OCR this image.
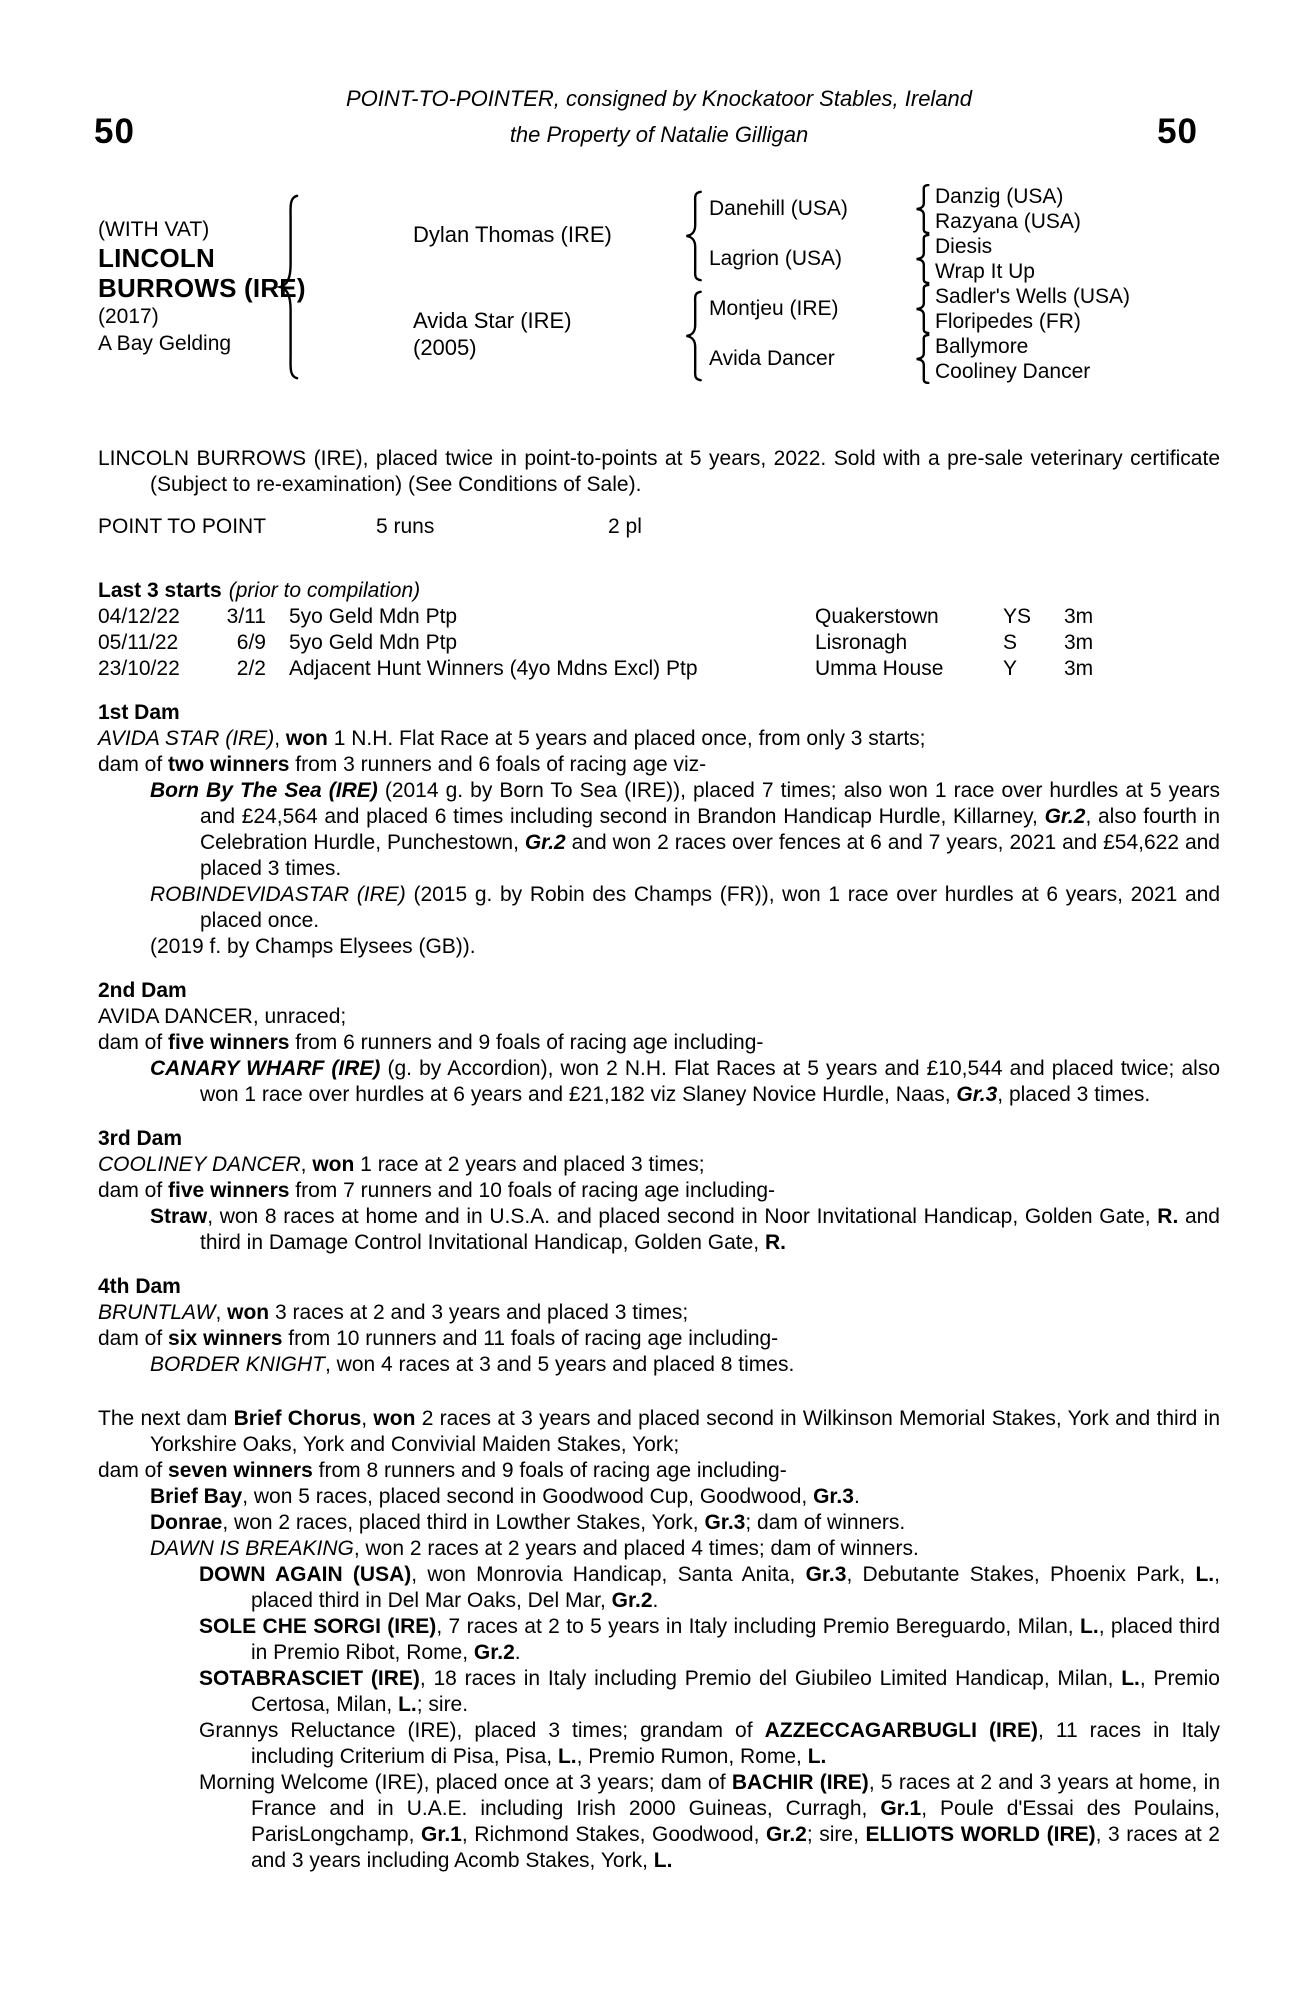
POINT-TO-POINTER, consigned by Knockatoor Stables, Ireland
50	the Property of Natalie Gilligan	50
(WITH VAT)
LINCOLN
BURROWS (IRE)
(2017)
A Bay Gelding
Dylan Thomas (IRE)
Avida Star (IRE)
(2005)
Danehill (USA)
Lagrion (USA)
Montjeu (IRE)
Avida Dancer
Danzig (USA)
Razyana (USA)
Diesis
Wrap It Up
Sadler's Wells (USA)
Floripedes (FR)
Ballymore
Cooliney Dancer

LINCOLN BURROWS (IRE), placed twice in point-to-points at 5 years, 2022. Sold with a pre-sale veterinary certificate (Subject to re-examination) (See Conditions of Sale).

POINT TO POINT	5 runs	2 pl
Last 3 starts (prior to compilation)
04/12/22	3/11	5yo Geld Mdn Ptp	Quakerstown	YS	3m
05/11/22	6/9	5yo Geld Mdn Ptp	Lisronagh	S	3m
23/10/22	2/2	Adjacent Hunt Winners (4yo Mdns Excl) Ptp	Umma House	Y	3m
1st Dam

AVIDA STAR (IRE), won 1 N.H. Flat Race at 5 years and placed once, from only 3 starts;

dam of two winners from 3 runners and 6 foals of racing age viz-

Born By The Sea (IRE) (2014 g. by Born To Sea (IRE)), placed 7 times; also won 1 race over hurdles at 5 years and £24,564 and placed 6 times including second in Brandon Handicap Hurdle, Killarney, Gr.2, also fourth in Celebration Hurdle, Punchestown, Gr.2 and won 2 races over fences at 6 and 7 years, 2021 and £54,622 and placed 3 times.

ROBINDEVIDASTAR (IRE) (2015 g. by Robin des Champs (FR)), won 1 race over hurdles at 6 years, 2021 and placed once.

(2019 f. by Champs Elysees (GB)).

2nd Dam

AVIDA DANCER, unraced;

dam of five winners from 6 runners and 9 foals of racing age including-

CANARY WHARF (IRE) (g. by Accordion), won 2 N.H. Flat Races at 5 years and £10,544 and placed twice; also won 1 race over hurdles at 6 years and £21,182 viz Slaney Novice Hurdle, Naas, Gr.3, placed 3 times.

3rd Dam

COOLINEY DANCER, won 1 race at 2 years and placed 3 times;

dam of five winners from 7 runners and 10 foals of racing age including-

Straw, won 8 races at home and in U.S.A. and placed second in Noor Invitational Handicap, Golden Gate, R. and third in Damage Control Invitational Handicap, Golden Gate, R.

4th Dam

BRUNTLAW, won 3 races at 2 and 3 years and placed 3 times;

dam of six winners from 10 runners and 11 foals of racing age including-

BORDER KNIGHT, won 4 races at 3 and 5 years and placed 8 times.

The next dam Brief Chorus, won 2 races at 3 years and placed second in Wilkinson Memorial Stakes, York and third in Yorkshire Oaks, York and Convivial Maiden Stakes, York;

dam of seven winners from 8 runners and 9 foals of racing age including-

Brief Bay, won 5 races, placed second in Goodwood Cup, Goodwood, Gr.3.

Donrae, won 2 races, placed third in Lowther Stakes, York, Gr.3; dam of winners.

DAWN IS BREAKING, won 2 races at 2 years and placed 4 times; dam of winners.

DOWN AGAIN (USA), won Monrovia Handicap, Santa Anita, Gr.3, Debutante Stakes, Phoenix Park, L., placed third in Del Mar Oaks, Del Mar, Gr.2.

SOLE CHE SORGI (IRE), 7 races at 2 to 5 years in Italy including Premio Bereguardo, Milan, L., placed third in Premio Ribot, Rome, Gr.2.

SOTABRASCIET (IRE), 18 races in Italy including Premio del Giubileo Limited Handicap, Milan, L., Premio Certosa, Milan, L.; sire.

Grannys Reluctance (IRE), placed 3 times; grandam of AZZECCAGARBUGLI (IRE), 11 races in Italy including Criterium di Pisa, Pisa, L., Premio Rumon, Rome, L.

Morning Welcome (IRE), placed once at 3 years; dam of BACHIR (IRE), 5 races at 2 and 3 years at home, in France and in U.A.E. including Irish 2000 Guineas, Curragh, Gr.1, Poule d'Essai des Poulains, ParisLongchamp, Gr.1, Richmond Stakes, Goodwood, Gr.2; sire, ELLIOTS WORLD (IRE), 3 races at 2 and 3 years including Acomb Stakes, York, L.
